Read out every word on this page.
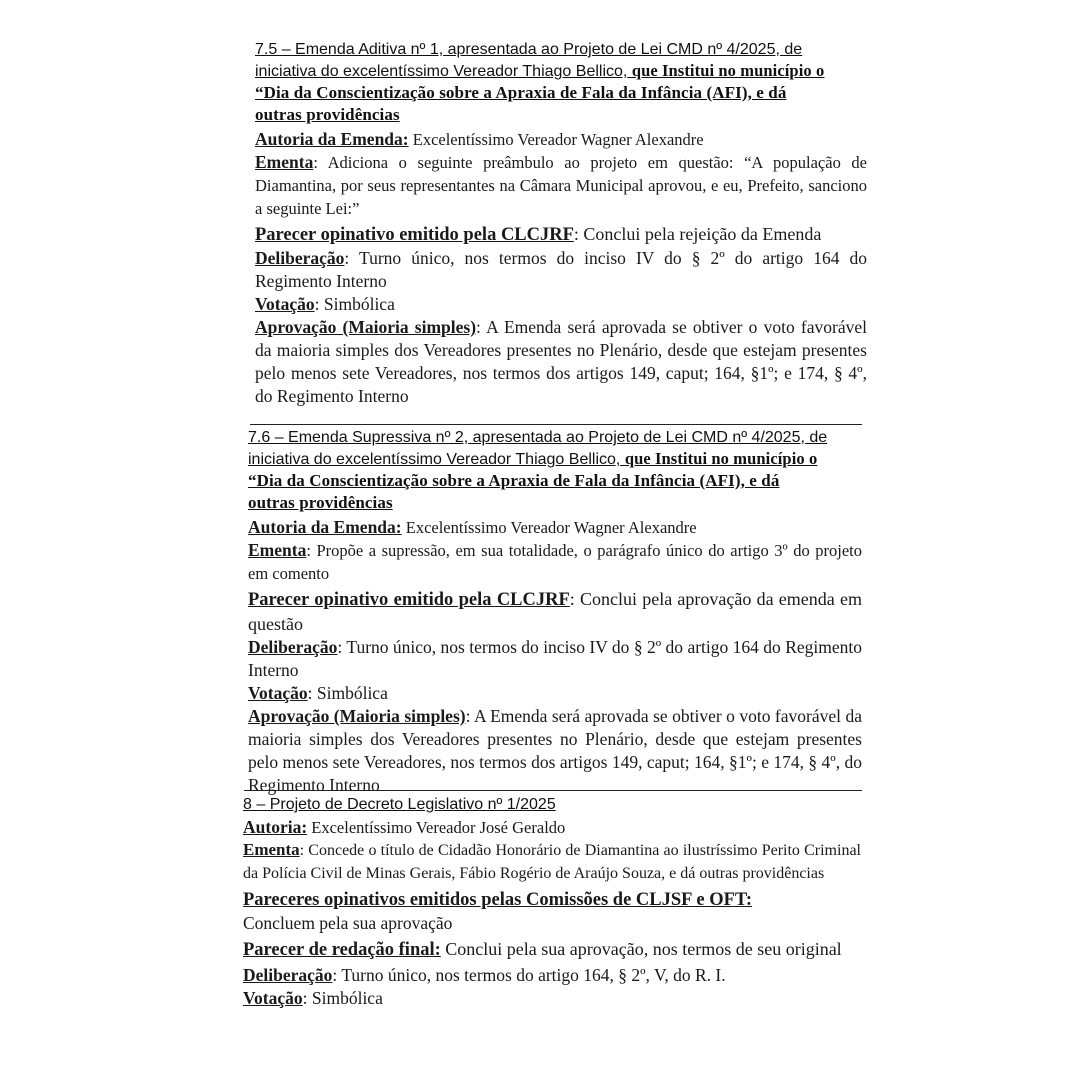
7.5 – Emenda Aditiva nº 1, apresentada ao Projeto de Lei CMD nº 4/2025, de

iniciativa do excelentíssimo Vereador Thiago Bellico, que Institui no município o

“Dia da Conscientização sobre a Apraxia de Fala da Infância (AFI), e dá

outras providências

Autoria da Emenda: Excelentíssimo Vereador Wagner Alexandre

Ementa: Adiciona o seguinte preâmbulo ao projeto em questão: “A população de Diamantina, por seus representantes na Câmara Municipal aprovou, e eu, Prefeito, sanciono a seguinte Lei:”

Parecer opinativo emitido pela CLCJRF: Conclui pela rejeição da Emenda

Deliberação: Turno único, nos termos do inciso IV do § 2º do artigo 164 do Regimento Interno

Votação: Simbólica

Aprovação (Maioria simples): A Emenda será aprovada se obtiver o voto favorável da maioria simples dos Vereadores presentes no Plenário, desde que estejam presentes pelo menos sete Vereadores, nos termos dos artigos 149, caput; 164, §1º; e 174, § 4º, do Regimento Interno

7.6 – Emenda Supressiva nº 2, apresentada ao Projeto de Lei CMD nº 4/2025, de

iniciativa do excelentíssimo Vereador Thiago Bellico, que Institui no município o

“Dia da Conscientização sobre a Apraxia de Fala da Infância (AFI), e dá

outras providências

Autoria da Emenda: Excelentíssimo Vereador Wagner Alexandre

Ementa: Propõe a supressão, em sua totalidade, o parágrafo único do artigo 3º do projeto em comento

Parecer opinativo emitido pela CLCJRF: Conclui pela aprovação da emenda em questão

Deliberação: Turno único, nos termos do inciso IV do § 2º do artigo 164 do Regimento Interno

Votação: Simbólica

Aprovação (Maioria simples): A Emenda será aprovada se obtiver o voto favorável da maioria simples dos Vereadores presentes no Plenário, desde que estejam presentes pelo menos sete Vereadores, nos termos dos artigos 149, caput; 164, §1º; e 174, § 4º, do Regimento Interno

8 – Projeto de Decreto Legislativo nº 1/2025

Autoria: Excelentíssimo Vereador José Geraldo

Ementa: Concede o título de Cidadão Honorário de Diamantina ao ilustríssimo Perito Criminal da Polícia Civil de Minas Gerais, Fábio Rogério de Araújo Souza, e dá outras providências

Pareceres opinativos emitidos pelas Comissões de CLJSF e OFT:

Concluem pela sua aprovação

Parecer de redação final: Conclui pela sua aprovação, nos termos de seu original

Deliberação: Turno único, nos termos do artigo 164, § 2º, V, do R. I.

Votação: Simbólica
